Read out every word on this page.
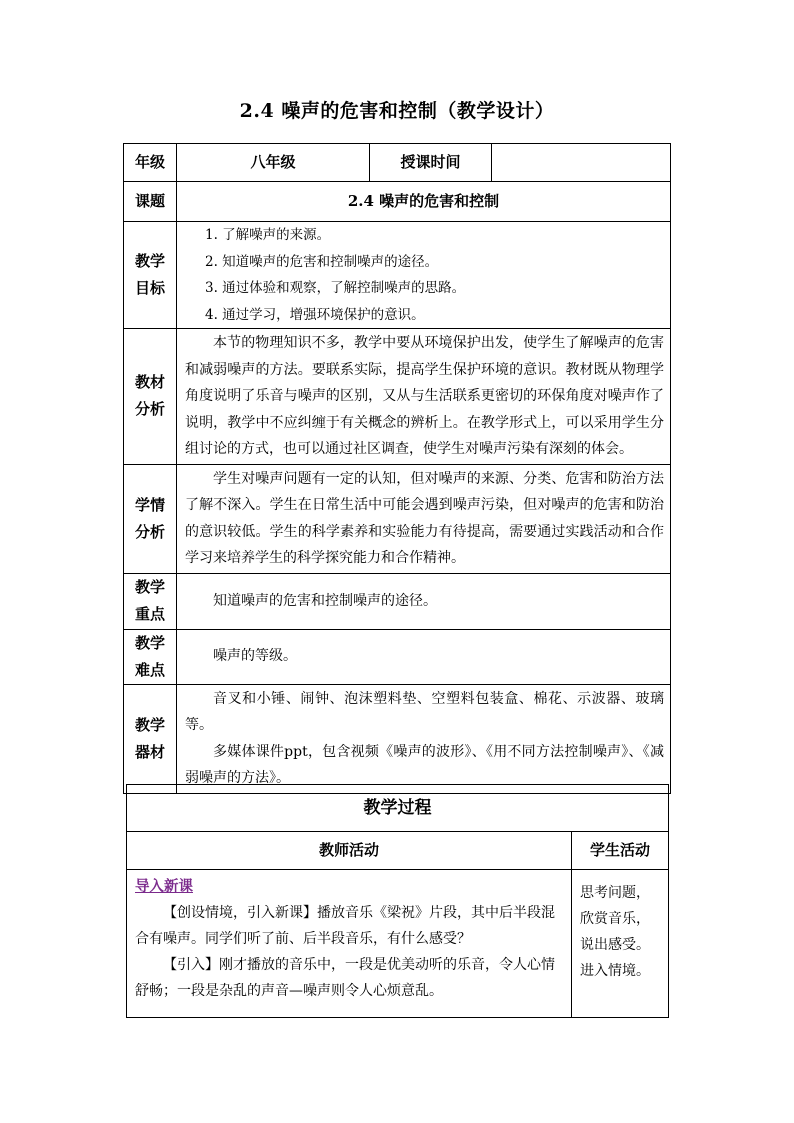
2.4 噪声的危害和控制（教学设计）
年级	八年级	授课时间	
课题	2.4 噪声的危害和控制		
教学目标	1. 了解噪声的来源。

2. 知道噪声的危害和控制噪声的途径。

3. 通过体验和观察，了解控制噪声的思路。

4. 通过学习，增强环境保护的意识。		

教材分析	本节的物理知识不多，教学中要从环境保护出发，使学生了解噪声的危害和减弱噪声的方法。要联系实际，提高学生保护环境的意识。教材既从物理学角度说明了乐音与噪声的区别，又从与生活联系更密切的环保角度对噪声作了说明，教学中不应纠缠于有关概念的辨析上。在教学形式上，可以采用学生分组讨论的方式，也可以通过社区调查，使学生对噪声污染有深刻的体会。		
学情分析	学生对噪声问题有一定的认知，但对噪声的来源、分类、危害和防治方法了解不深入。学生在日常生活中可能会遇到噪声污染，但对噪声的危害和防治的意识较低。学生的科学素养和实验能力有待提高，需要通过实践活动和合作学习来培养学生的科学探究能力和合作精神。		
教学重点	知道噪声的危害和控制噪声的途径。		
教学难点	噪声的等级。		
教学器材	音叉和小锤、闹钟、泡沫塑料垫、空塑料包装盒、棉花、示波器、玻璃等。

多媒体课件ppt，包含视频《噪声的波形》、《用不同方法控制噪声》、《减弱噪声的方法》。		

教学过程	
教师活动	学生活动

导入新课

【创设情境，引入新课】播放音乐《梁祝》片段，其中后半段混合有噪声。同学们听了前、后半段音乐，有什么感受？

【引入】刚才播放的音乐中，一段是优美动听的乐音，令人心情舒畅；一段是杂乱的声音—噪声则令人心烦意乱。	思考问题，欣赏音乐，说出感受。进入情境。
